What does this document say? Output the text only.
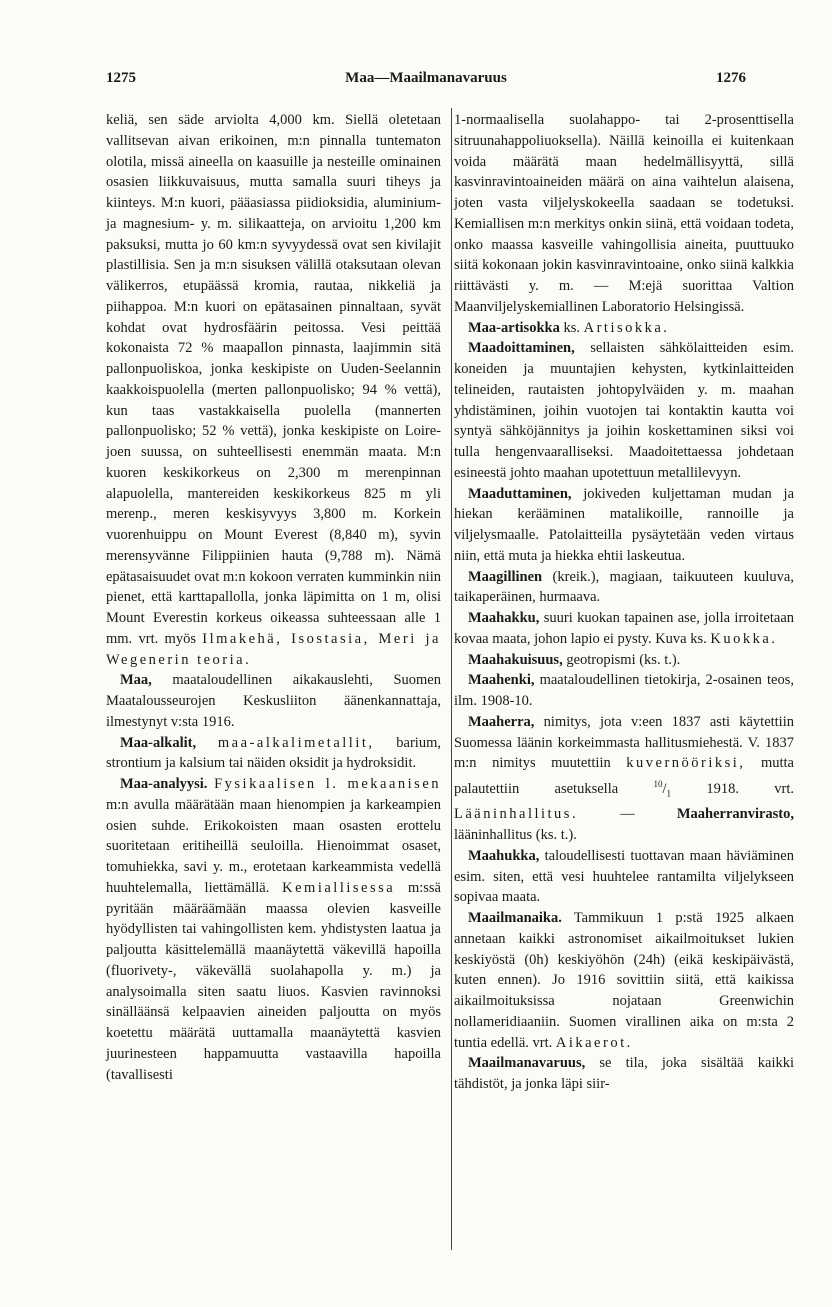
1275	Maa—Maailmanavaruus	1276

keliä, sen säde arviolta 4,000 km. Siellä oletetaan vallitsevan aivan erikoinen, m:n pinnalla tuntematon olotila, missä aineella on kaasuille ja nesteille ominainen osasien liikkuvaisuus, mutta samalla suuri tiheys ja kiinteys. M:n kuori, pääasiassa piidioksidia, aluminium- ja magnesium- y. m. silikaatteja, on arvioitu 1,200 km paksuksi, mutta jo 60 km:n syvyydessä ovat sen kivilajit plastillisia. Sen ja m:n sisuksen välillä otaksutaan olevan välikerros, etupäässä kromia, rautaa, nikkeliä ja piihappoa. M:n kuori on epätasainen pinnaltaan, syvät kohdat ovat hydrosfäärin peitossa. Vesi peittää kokonaista 72 % maapallon pinnasta, laajimmin sitä pallonpuoliskoa, jonka keskipiste on Uuden-Seelannin kaakkoispuolella (merten pallonpuolisko; 94 % vettä), kun taas vastakkaisella puolella (mannerten pallonpuolisko; 52 % vettä), jonka keskipiste on Loire-joen suussa, on suhteellisesti enemmän maata. M:n kuoren keskikorkeus on 2,300 m merenpinnan alapuolella, mantereiden keskikorkeus 825 m yli merenp., meren keskisyvyys 3,800 m. Korkein vuorenhuippu on Mount Everest (8,840 m), syvin merensyvänne Filippiinien hauta (9,788 m). Nämä epätasaisuudet ovat m:n kokoon verraten kumminkin niin pienet, että karttapallolla, jonka läpimitta on 1 m, olisi Mount Everestin korkeus oikeassa suhteessaan alle 1 mm. vrt. myös Ilmakehä, Isostasia, Meri ja Wegenerin teoria.

Maa, maataloudellinen aikakauslehti, Suomen Maatalousseurojen Keskusliiton äänenkannattaja, ilmestynyt v:sta 1916.

Maa-alkalit, maa-alkalimetallit, barium, strontium ja kalsium tai näiden oksidit ja hydroksidit.

Maa-analyysi. Fysikaalisen l. mekaanisen m:n avulla määrätään maan hienompien ja karkeampien osien suhde. Erikokoisten maan osasten erottelu suoritetaan eritiheillä seuloilla. Hienoimmat osaset, tomuhiekka, savi y. m., erotetaan karkeammista vedellä huuhtelemalla, liettämällä. Kemiallisessa m:ssä pyritään määräämään maassa olevien kasveille hyödyllisten tai vahingollisten kem. yhdistysten laatua ja paljoutta käsittelemällä maanäytettä väkevillä hapoilla (fluorivety-, väkevällä suolahapolla y. m.) ja analysoimalla siten saatu liuos. Kasvien ravinnoksi sinälläänsä kelpaavien aineiden paljoutta on myös koetettu määrätä uuttamalla maanäytettä kasvien juurinesteen happamuutta vastaavilla hapoilla (tavallisesti

1-normaalisella suolahappo- tai 2-prosenttisella sitruunahappoliuoksella). Näillä keinoilla ei kuitenkaan voida määrätä maan hedelmällisyyttä, sillä kasvinravintoaineiden määrä on aina vaihtelun alaisena, joten vasta viljelyskokeella saadaan se todetuksi. Kemiallisen m:n merkitys onkin siinä, että voidaan todeta, onko maassa kasveille vahingollisia aineita, puuttuuko siitä kokonaan jokin kasvinravintoaine, onko siinä kalkkia riittävästi y. m. — M:ejä suorittaa Valtion Maanviljelyskemiallinen Laboratorio Helsingissä.

Maa-artisokka ks. Artisokka.

Maadoittaminen, sellaisten sähkölaitteiden esim. koneiden ja muuntajien kehysten, kytkinlaitteiden telineiden, rautaisten johtopylväiden y. m. maahan yhdistäminen, joihin vuotojen tai kontaktin kautta voi syntyä sähköjännitys ja joihin koskettaminen siksi voi tulla hengenvaaralliseksi. Maadoitettaessa johdetaan esineestä johto maahan upotettuun metallilevyyn.

Maaduttaminen, jokiveden kuljettaman mudan ja hiekan kerääminen matalikoille, rannoille ja viljelysmaalle. Patolaitteilla pysäytetään veden virtaus niin, että muta ja hiekka ehtii laskeutua.

Maagillinen (kreik.), magiaan, taikuuteen kuuluva, taikaperäinen, hurmaava.

Maahakku, suuri kuokan tapainen ase, jolla irroitetaan kovaa maata, johon lapio ei pysty. Kuva ks. Kuokka.

Maahakuisuus, geotropismi (ks. t.).

Maahenki, maataloudellinen tietokirja, 2-osainen teos, ilm. 1908-10.

Maaherra, nimitys, jota v:een 1837 asti käytettiin Suomessa läänin korkeimmasta hallitusmiehestä. V. 1837 m:n nimitys muutettiin kuvernööriksi, mutta palautettiin asetuksella	$^{10}/_1$ 1918. vrt. Lääninhallitus.	—	Maaherranvirasto, lääninhallitus (ks. t.).

Maahukka, taloudellisesti tuottavan maan häviäminen esim. siten, että vesi huuhtelee rantamilta viljelykseen sopivaa maata.

Maailmanaika. Tammikuun 1 p:stä 1925 alkaen annetaan kaikki astronomiset aikailmoitukset lukien keskiyöstä (0h) keskiyöhön (24h) (eikä keskipäivästä, kuten ennen). Jo 1916 sovittiin siitä, että kaikissa aikailmoituksissa nojataan Greenwichin nollameridiaaniin. Suomen virallinen aika on m:sta 2 tuntia edellä. vrt. Aikaerot.

Maailmanavaruus, se tila, joka sisältää kaikki tähdistöt, ja jonka läpi siir-
